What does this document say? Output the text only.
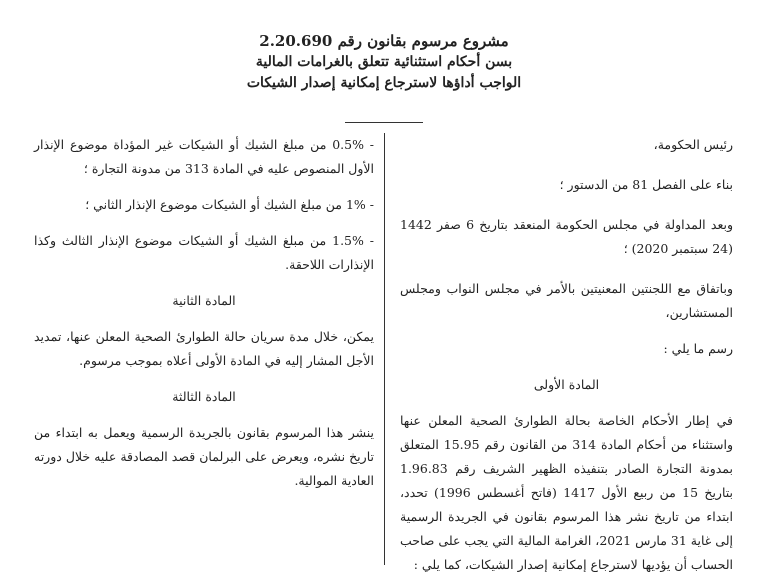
مشروع مرسوم بقانون رقم 2.20.690
بسن أحكام استثنائية تتعلق بالغرامات المالية
الواجب أداؤها لاسترجاع إمكانية إصدار الشيكات

رئيس الحكومة،

بناء على الفصل 81 من الدستور ؛

وبعد المداولة في مجلس الحكومة المنعقد بتاريخ 6 صفر 1442 (24 سبتمبر 2020) ؛

وباتفاق مع اللجنتين المعنيتين بالأمر في مجلس النواب ومجلس المستشارين،

رسم ما يلي :

المادة الأولى

في إطار الأحكام الخاصة بحالة الطوارئ الصحية المعلن عنها واستثناء من أحكام المادة 314 من القانون رقم 15.95 المتعلق بمدونة التجارة الصادر بتنفيذه الظهير الشريف رقم 1.96.83 بتاريخ 15 من ربيع الأول 1417 (فاتح أغسطس 1996) تحدد، ابتداء من تاريخ نشر هذا المرسوم بقانون في الجريدة الرسمية إلى غاية 31 مارس 2021، الغرامة المالية التي يجب على صاحب الحساب أن يؤديها لاسترجاع إمكانية إصدار الشيكات، كما يلي :

- 0.5% من مبلغ الشيك أو الشيكات غير المؤداة موضوع الإنذار الأول المنصوص عليه في المادة 313 من مدونة التجارة ؛

- 1% من مبلغ الشيك أو الشيكات موضوع الإنذار الثاني ؛

- 1.5% من مبلغ الشيك أو الشيكات موضوع الإنذار الثالث وكذا الإنذارات اللاحقة.

المادة الثانية

يمكن، خلال مدة سريان حالة الطوارئ الصحية المعلن عنها، تمديد الأجل المشار إليه في المادة الأولى أعلاه بموجب مرسوم.

المادة الثالثة

ينشر هذا المرسوم بقانون بالجريدة الرسمية ويعمل به ابتداء من تاريخ نشره، ويعرض على البرلمان قصد المصادقة عليه خلال دورته العادية الموالية.
